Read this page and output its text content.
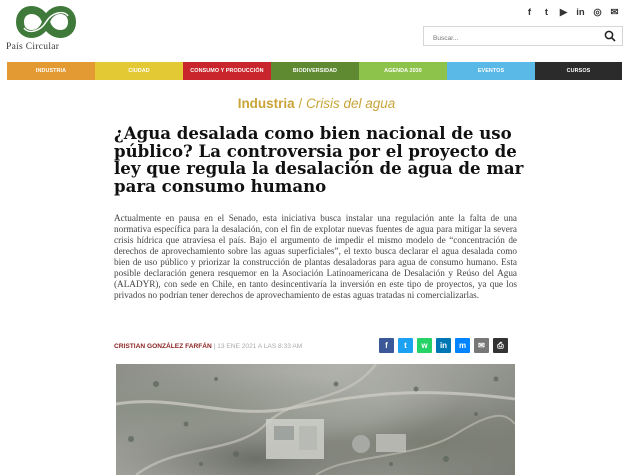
País Circular
f	t	▶ in ◎ ✉
Buscar...
INDUSTRIA	CIUDAD	CONSUMO Y PRODUCCIÓN	BIODIVERSIDAD	AGENDA 2030	EVENTOS	CURSOS
Industria / Crisis del agua
¿Agua desalada como bien nacional de uso público? La controversia por el proyecto de ley que regula la desalación de agua de mar para consumo humano

Actualmente en pausa en el Senado, esta iniciativa busca instalar una regulación ante la falta de una normativa específica para la desalación, con el fin de explotar nuevas fuentes de agua para mitigar la severa crisis hídrica que atraviesa el país. Bajo el argumento de impedir el mismo modelo de “concentración de derechos de aprovechamiento sobre las aguas superficiales”, el texto busca declarar el agua desalada como bien de uso público y priorizar la construcción de plantas desaladoras para agua de consumo humano. Esta posible declaración genera resquemor en la Asociación Latinoamericana de Desalación y Reúso del Agua (ALADYR), con sede en Chile, en tanto desincentivaría la inversión en este tipo de proyectos, ya que los privados no podrían tener derechos de aprovechamiento de estas aguas tratadas ni comercializarlas.

CRISTIAN GONZÁLEZ FARFÁN | 13 ENE 2021 A LAS 8:33 AM	f	t	w	in	m	✉	⎙
